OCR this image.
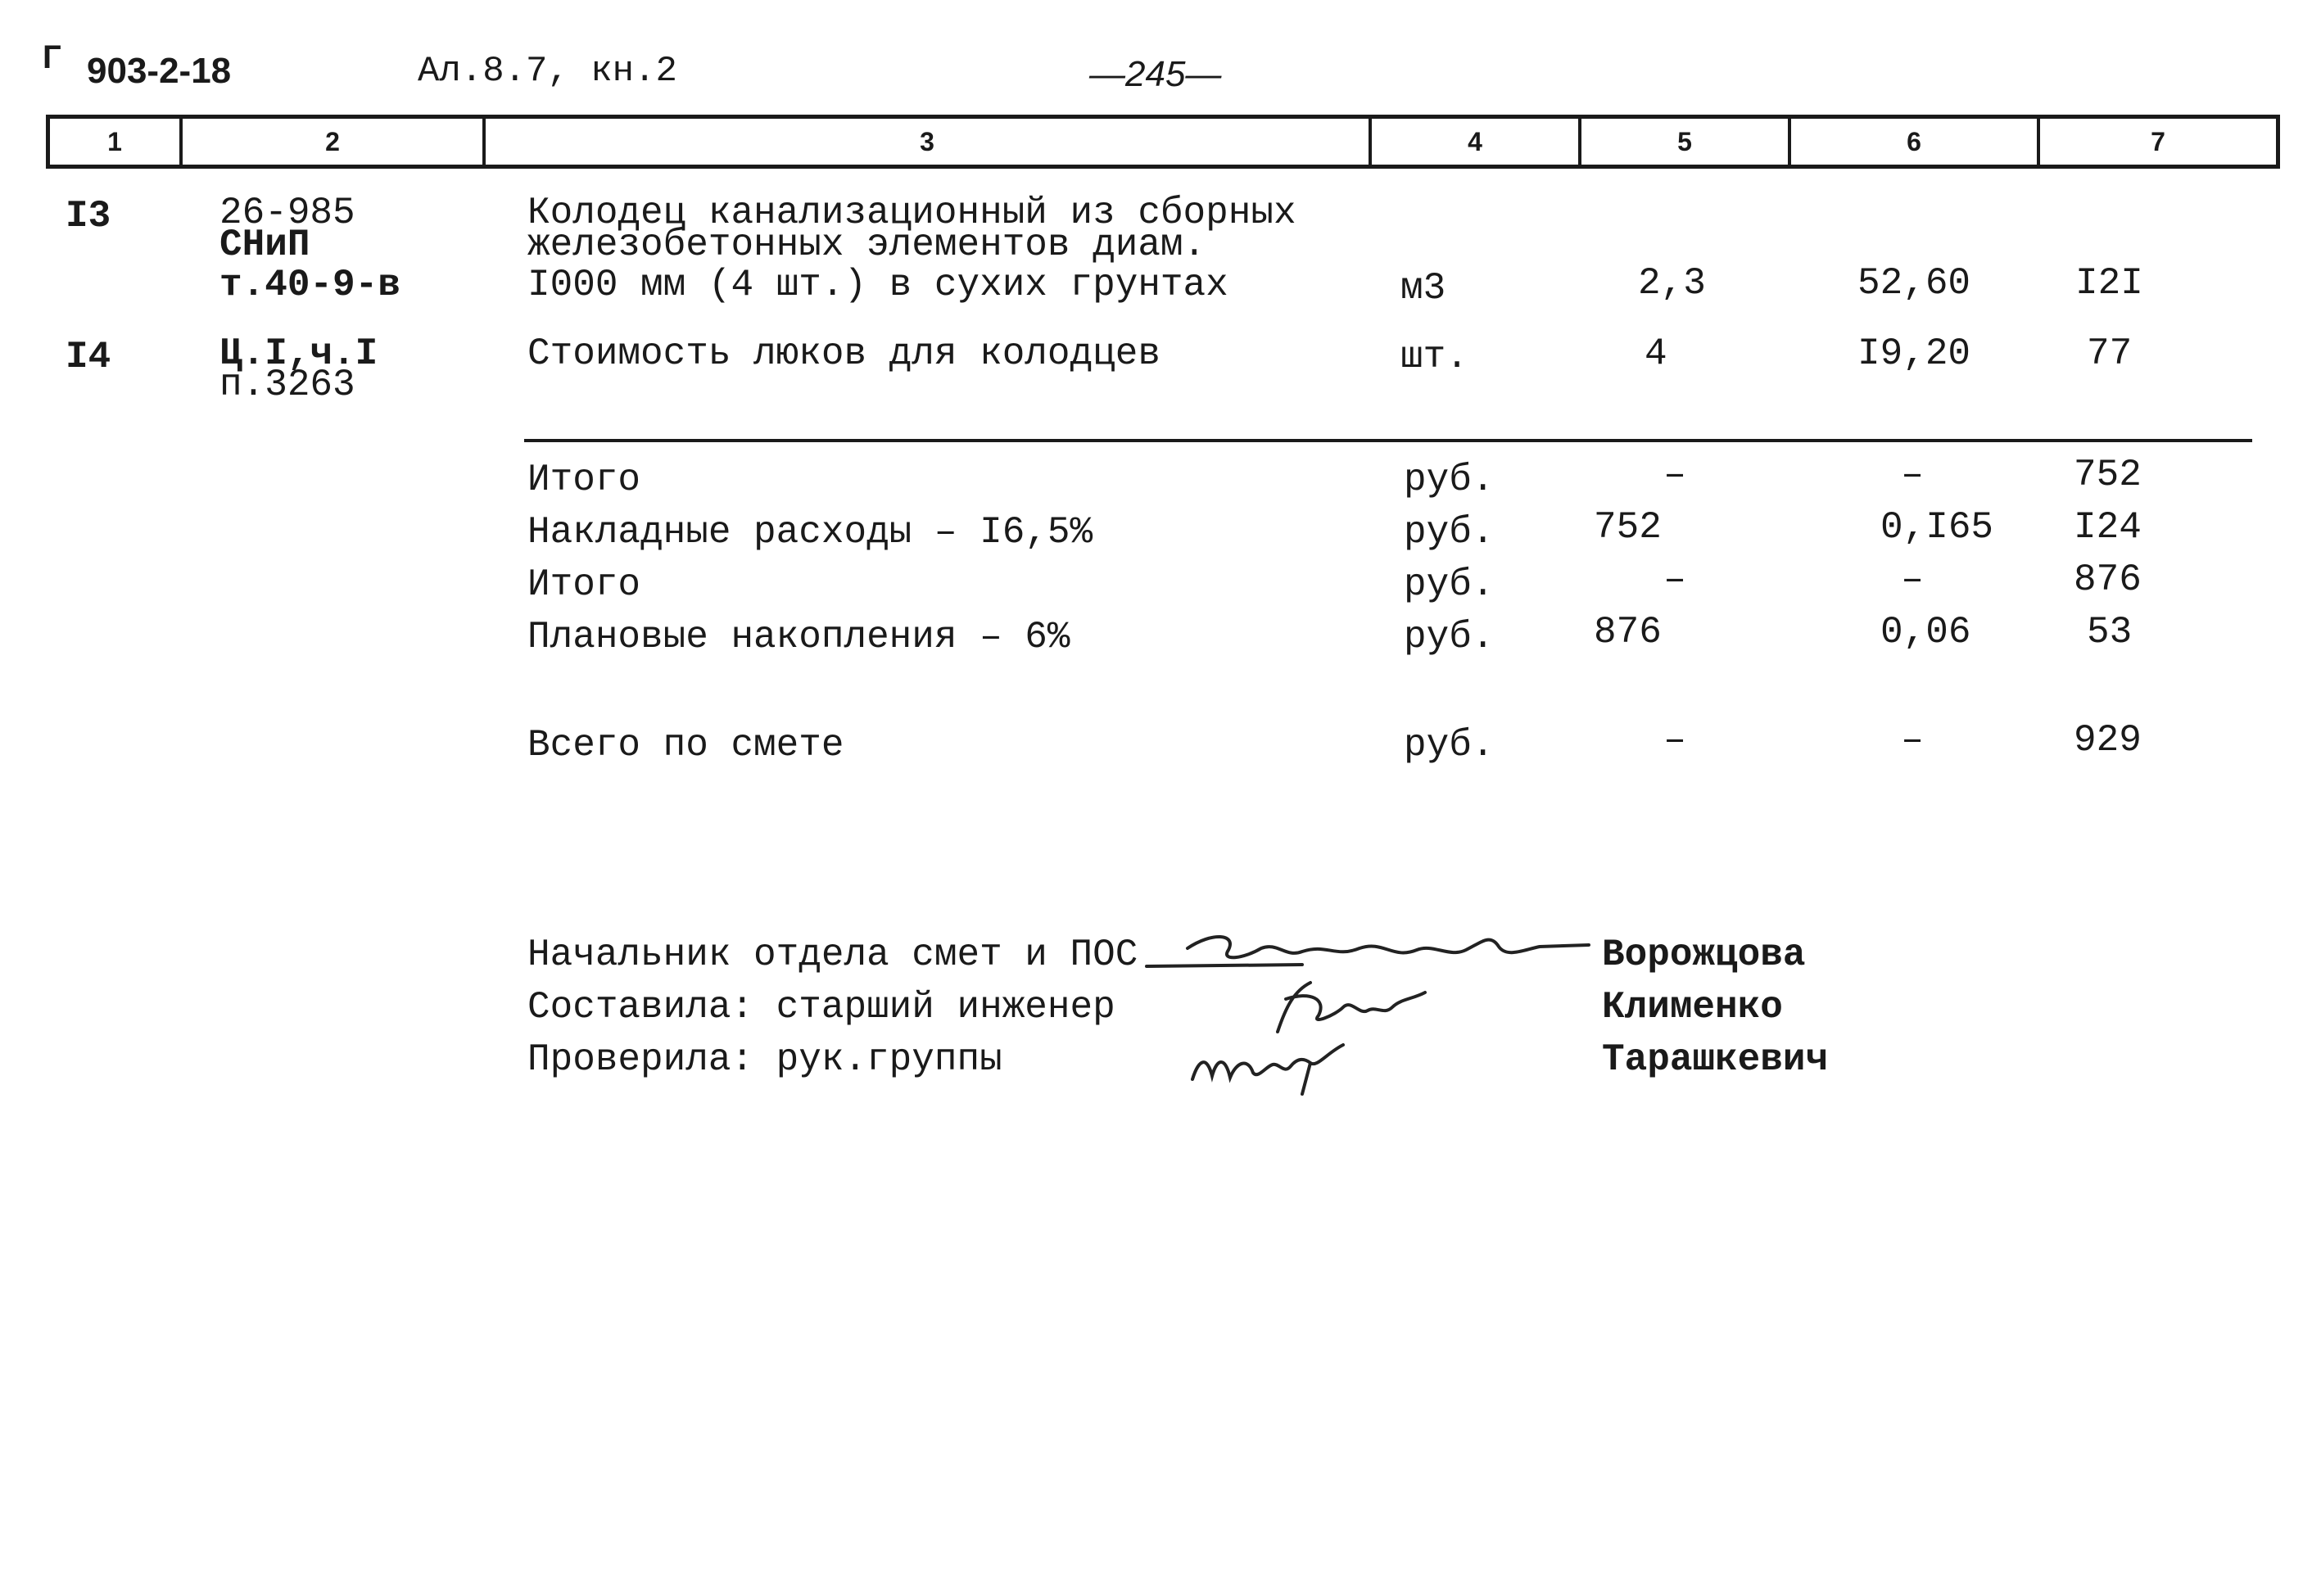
Г 903-2-18	Ал.8.7, кн.2	—245—
1	2	3	4	5	6	7
I3	26-985
СНиП
т.40-9-в
Колодец канализационный из сборных
железобетонных элементов диам.
I000 мм (4 шт.) в сухих грунтах	м3	2,3	52,60	I2I
I4	Ц.I,ч.I
п.3263
Стоимость люков для колодцев	шт.	4	I9,20	77
Итого	руб.	–	–	752
Накладные расходы – I6,5%	руб.	752	0,I65 I24
Итого	руб.	–	–	876
Плановые накопления – 6%	руб.	876	0,06	53
Всего по смете	руб.	–	–	929
Начальник отдела смет и ПОС
Составила: старший инженер
Проверила: рук.группы
Ворожцова
Клименко
Тарашкевич
